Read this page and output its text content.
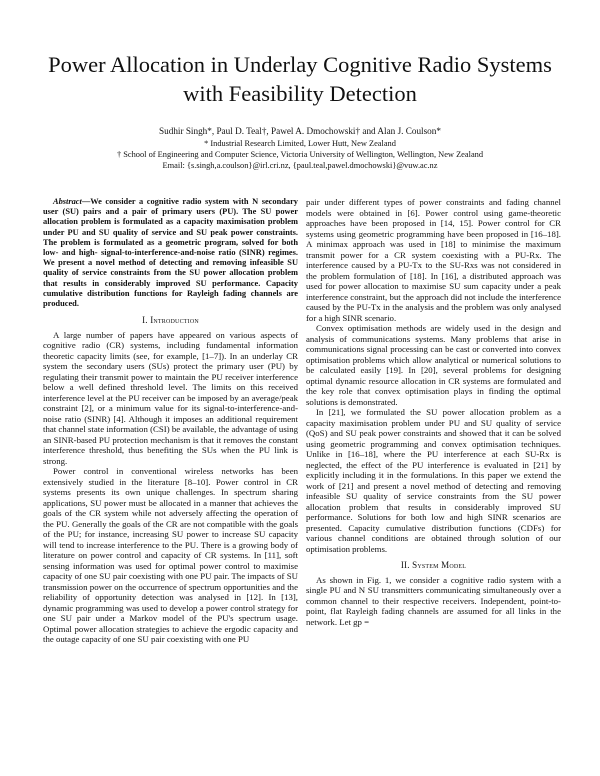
Power Allocation in Underlay Cognitive Radio Systems with Feasibility Detection
Sudhir Singh*, Paul D. Teal†, Pawel A. Dmochowski† and Alan J. Coulson*
* Industrial Research Limited, Lower Hutt, New Zealand
† School of Engineering and Computer Science, Victoria University of Wellington, Wellington, New Zealand
Email: {s.singh,a.coulson}@irl.cri.nz, {paul.teal,pawel.dmochowski}@vuw.ac.nz

Abstract—We consider a cognitive radio system with N secondary user (SU) pairs and a pair of primary users (PU). The SU power allocation problem is formulated as a capacity maximisation problem under PU and SU quality of service and SU peak power constraints. The problem is formulated as a geometric program, solved for both low- and high- signal-to-interference-and-noise ratio (SINR) regimes. We present a novel method of detecting and removing infeasible SU quality of service constraints from the SU power allocation problem that results in considerably improved SU performance. Capacity cumulative distribution functions for Rayleigh fading channels are produced.

I. Introduction

A large number of papers have appeared on various aspects of cognitive radio (CR) systems, including fundamental information theoretic capacity limits (see, for example, [1–7]). In an underlay CR system the secondary users (SUs) protect the primary user (PU) by regulating their transmit power to maintain the PU receiver interference below a well defined threshold level. The limits on this received interference level at the PU receiver can be imposed by an average/peak constraint [2], or a minimum value for its signal-to-interference-and-noise ratio (SINR) [4]. Although it imposes an additional requirement that channel state information (CSI) be available, the advantage of using an SINR-based PU protection mechanism is that it removes the constant interference threshold, thus benefiting the SUs when the PU link is strong.

Power control in conventional wireless networks has been extensively studied in the literature [8–10]. Power control in CR systems presents its own unique challenges. In spectrum sharing applications, SU power must be allocated in a manner that achieves the goals of the CR system while not adversely affecting the operation of the PU. Generally the goals of the CR are not compatible with the goals of the PU; for instance, increasing SU power to increase SU capacity will tend to increase interference to the PU. There is a growing body of literature on power control and capacity of CR systems. In [11], soft sensing information was used for optimal power control to maximise capacity of one SU pair coexisting with one PU pair. The impacts of SU transmission power on the occurrence of spectrum opportunities and the reliability of opportunity detection was analysed in [12]. In [13], dynamic programming was used to develop a power control strategy for one SU pair under a Markov model of the PU's spectrum usage. Optimal power allocation strategies to achieve the ergodic capacity and the outage capacity of one SU pair coexisting with one PU

pair under different types of power constraints and fading channel models were obtained in [6]. Power control using game-theoretic approaches have been proposed in [14, 15]. Power control for CR systems using geometric programming have been proposed in [16–18]. A minimax approach was used in [18] to minimise the maximum transmit power for a CR system coexisting with a PU-Rx. The interference caused by a PU-Tx to the SU-Rxs was not considered in the problem formulation of [18]. In [16], a distributed approach was used for power allocation to maximise SU sum capacity under a peak interference constraint, but the approach did not include the interference caused by the PU-Tx in the analysis and the problem was only analysed for a high SINR scenario.

Convex optimisation methods are widely used in the design and analysis of communications systems. Many problems that arise in communications signal processing can be cast or converted into convex optimisation problems which allow analytical or numerical solutions to be calculated easily [19]. In [20], several problems for designing optimal dynamic resource allocation in CR systems are formulated and the key role that convex optimisation plays in finding the optimal solutions is demonstrated.

In [21], we formulated the SU power allocation problem as a capacity maximisation problem under PU and SU quality of service (QoS) and SU peak power constraints and showed that it can be solved using geometric programming and convex optimisation techniques. Unlike in [16–18], where the PU interference at each SU-Rx is neglected, the effect of the PU interference is evaluated in [21] by explicitly including it in the formulations. In this paper we extend the work of [21] and present a novel method of detecting and removing infeasible SU quality of service constraints from the SU power allocation problem that results in considerably improved SU performance. Solutions for both low and high SINR scenarios are presented. Capacity cumulative distribution functions (CDFs) for various channel conditions are obtained through solution of our optimisation problems.

II. System Model

As shown in Fig. 1, we consider a cognitive radio system with a single PU and N SU transmitters communicating simultaneously over a common channel to their respective receivers. Independent, point-to-point, flat Rayleigh fading channels are assumed for all links in the network. Let gp =
